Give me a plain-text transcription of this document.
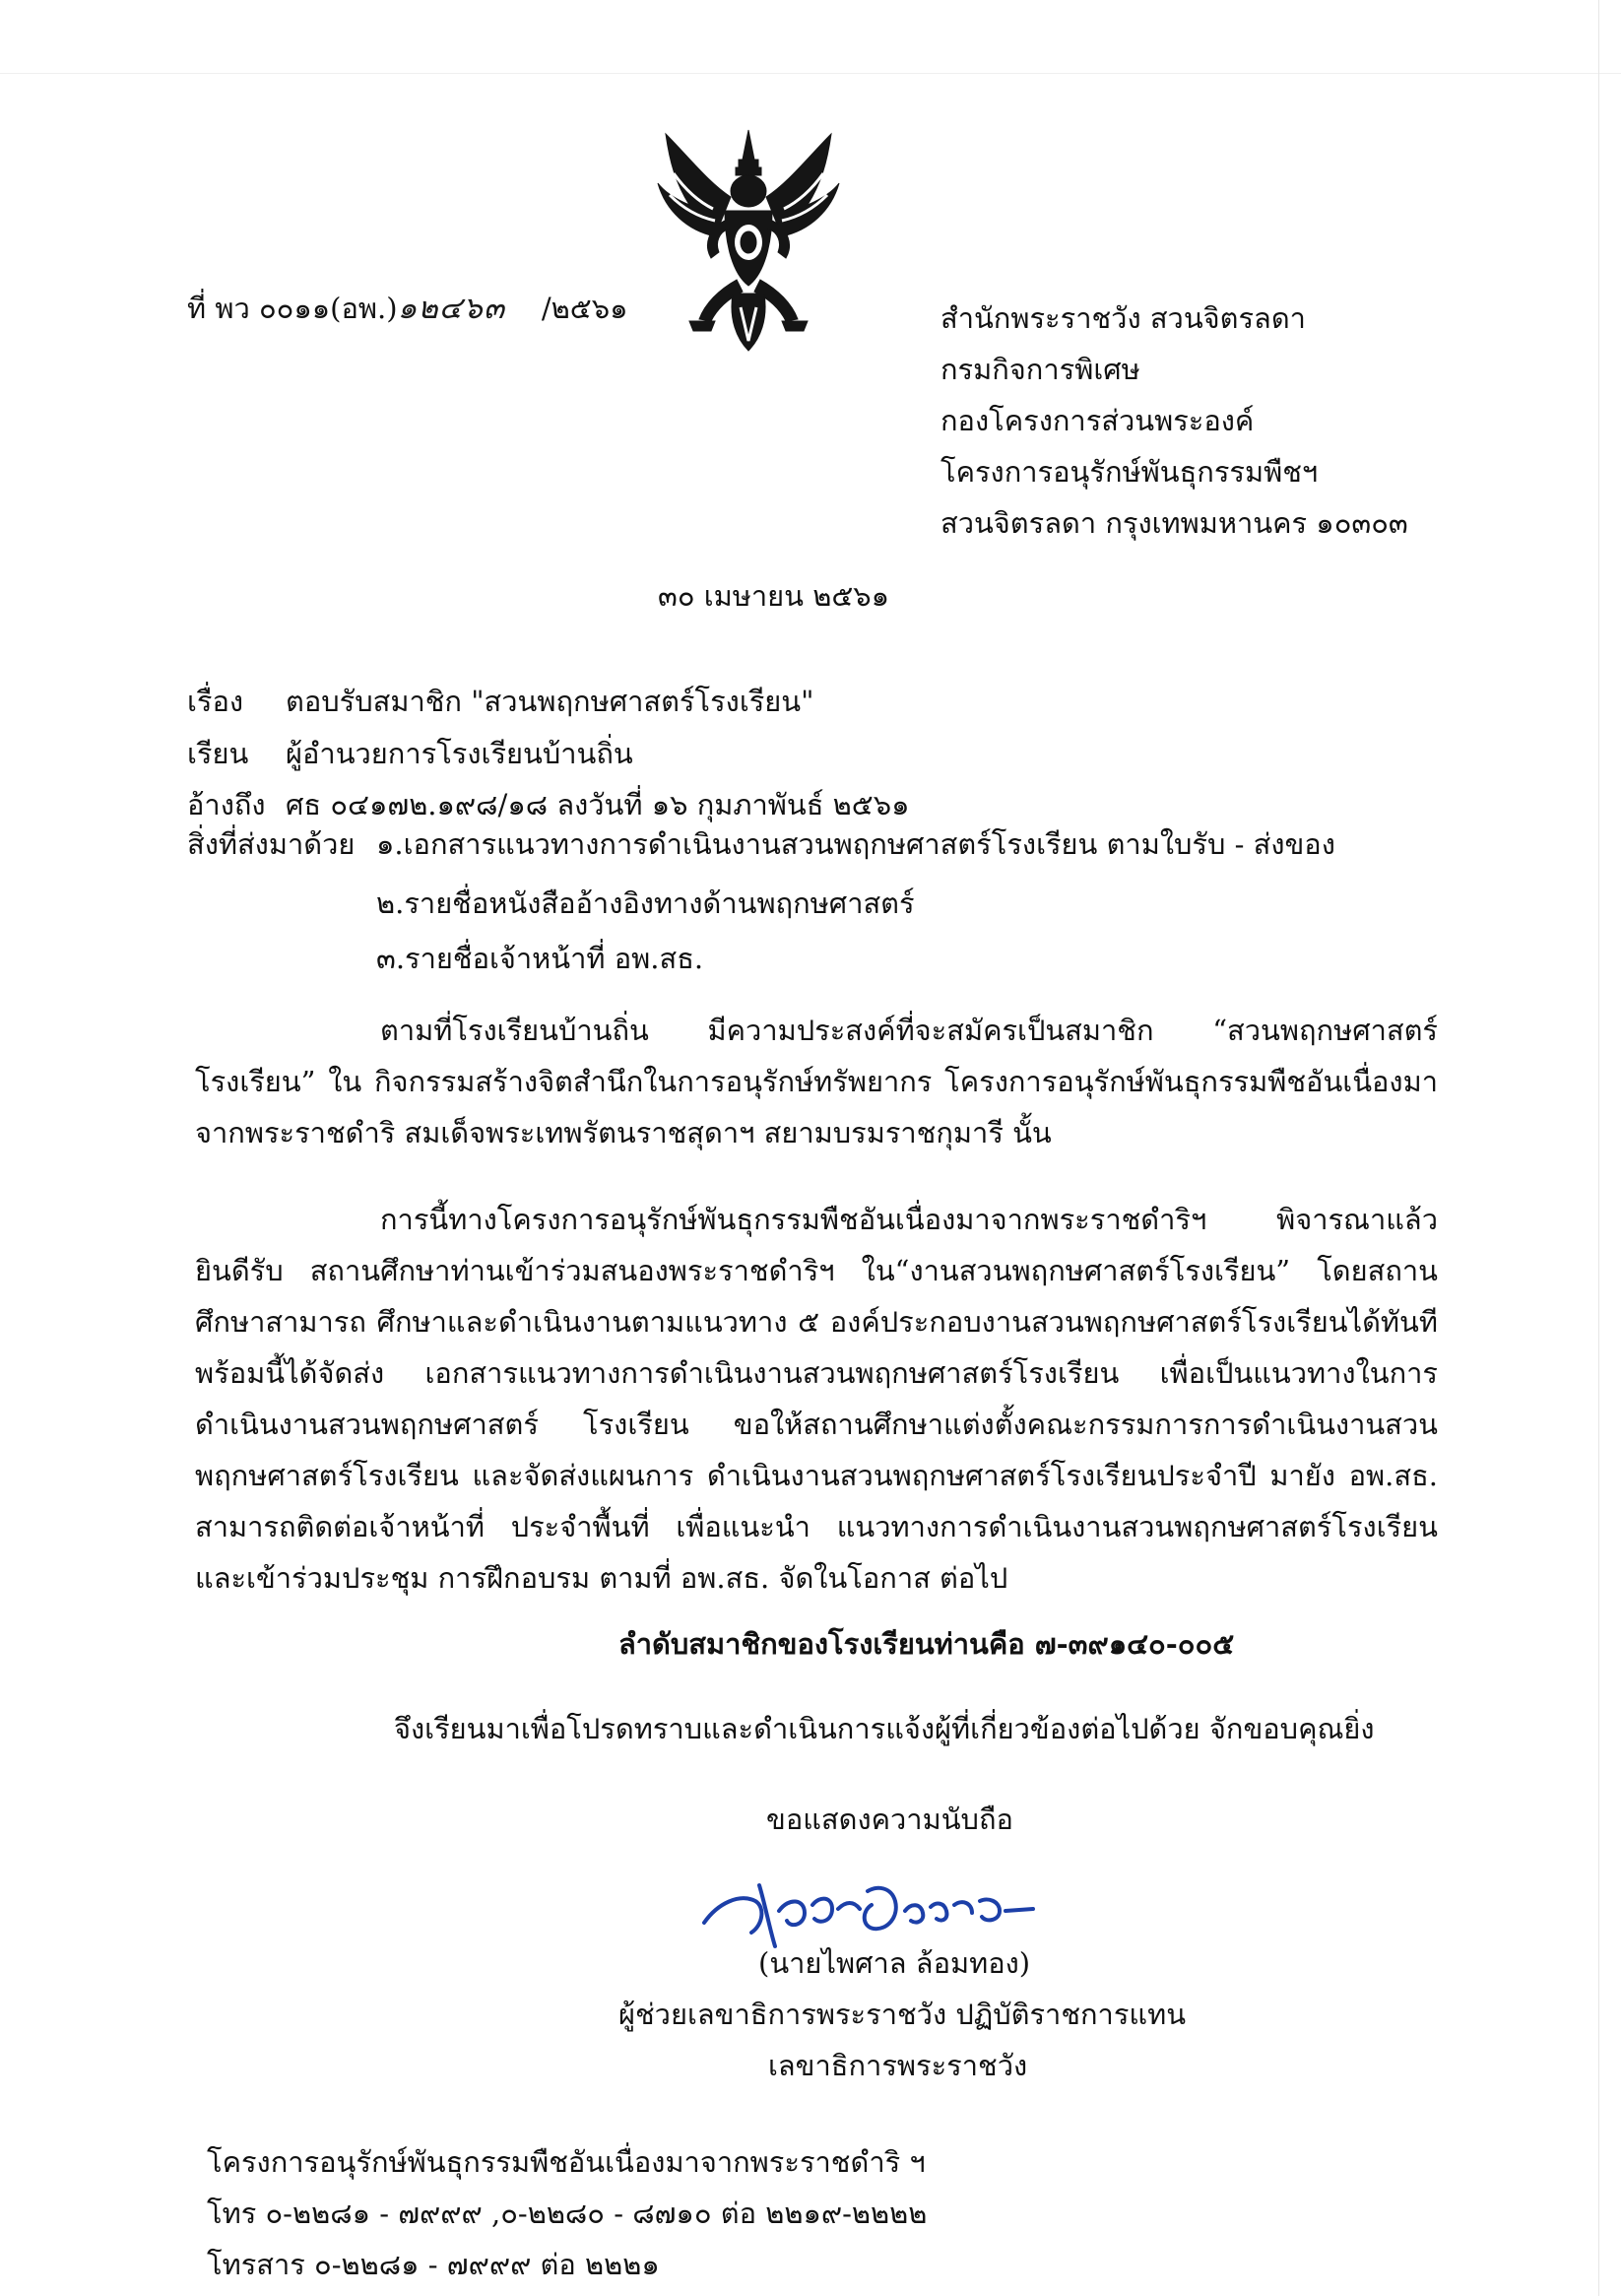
ที่ พว ๐๐๑๑(อพ.)๑๒๔๖๓ /๒๕๖๑	สำนักพระราชวัง สวนจิตรลดา
กรมกิจการพิเศษ
กองโครงการส่วนพระองค์
โครงการอนุรักษ์พันธุกรรมพืชฯ
สวนจิตรลดา กรุงเทพมหานคร ๑๐๓๐๓
๓๐ เมษายน ๒๕๖๑
เรื่อง ตอบรับสมาชิก "สวนพฤกษศาสตร์โรงเรียน"
เรียน ผู้อำนวยการโรงเรียนบ้านถิ่น
อ้างถึง ศธ ๐๔๑๗๒.๑๙๘/๑๘ ลงวันที่ ๑๖ กุมภาพันธ์ ๒๕๖๑
สิ่งที่ส่งมาด้วย ๑.เอกสารแนวทางการดำเนินงานสวนพฤกษศาสตร์โรงเรียน ตามใบรับ - ส่งของ
๒.รายชื่อหนังสืออ้างอิงทางด้านพฤกษศาสตร์
๓.รายชื่อเจ้าหน้าที่ อพ.สธ.
ตามที่โรงเรียนบ้านถิ่น มีความประสงค์ที่จะสมัครเป็นสมาชิก “สวนพฤกษศาสตร์โรงเรียน” ใน กิจกรรมสร้างจิตสำนึกในการอนุรักษ์ทรัพยากร โครงการอนุรักษ์พันธุกรรมพืชอันเนื่องมาจากพระราชดำริ สมเด็จพระเทพรัตนราชสุดาฯ สยามบรมราชกุมารี นั้น
การนี้ทางโครงการอนุรักษ์พันธุกรรมพืชอันเนื่องมาจากพระราชดำริฯ พิจารณาแล้ว ยินดีรับ สถานศึกษาท่านเข้าร่วมสนองพระราชดำริฯ ใน“งานสวนพฤกษศาสตร์โรงเรียน” โดยสถานศึกษาสามารถ ศึกษาและดำเนินงานตามแนวทาง ๕ องค์ประกอบงานสวนพฤกษศาสตร์โรงเรียนได้ทันที พร้อมนี้ได้จัดส่ง เอกสารแนวทางการดำเนินงานสวนพฤกษศาสตร์โรงเรียน เพื่อเป็นแนวทางในการดำเนินงานสวนพฤกษศาสตร์ โรงเรียน ขอให้สถานศึกษาแต่งตั้งคณะกรรมการการดำเนินงานสวนพฤกษศาสตร์โรงเรียน และจัดส่งแผนการ ดำเนินงานสวนพฤกษศาสตร์โรงเรียนประจำปี มายัง อพ.สธ. สามารถติดต่อเจ้าหน้าที่ ประจำพื้นที่ เพื่อแนะนำ แนวทางการดำเนินงานสวนพฤกษศาสตร์โรงเรียน และเข้าร่วมประชุม การฝึกอบรม ตามที่ อพ.สธ. จัดในโอกาส ต่อไป
ลำดับสมาชิกของโรงเรียนท่านคือ ๗-๓๙๑๔๐-๐๐๕
จึงเรียนมาเพื่อโปรดทราบและดำเนินการแจ้งผู้ที่เกี่ยวข้องต่อไปด้วย จักขอบคุณยิ่ง
ขอแสดงความนับถือ
(นายไพศาล ล้อมทอง)
ผู้ช่วยเลขาธิการพระราชวัง ปฏิบัติราชการแทน
เลขาธิการพระราชวัง
โครงการอนุรักษ์พันธุกรรมพืชอันเนื่องมาจากพระราชดำริ ฯ
โทร ๐-๒๒๘๑ - ๗๙๙๙ ,๐-๒๒๘๐ - ๘๗๑๐ ต่อ ๒๒๑๙-๒๒๒๒
โทรสาร ๐-๒๒๘๑ - ๗๙๙๙ ต่อ ๒๒๒๑
